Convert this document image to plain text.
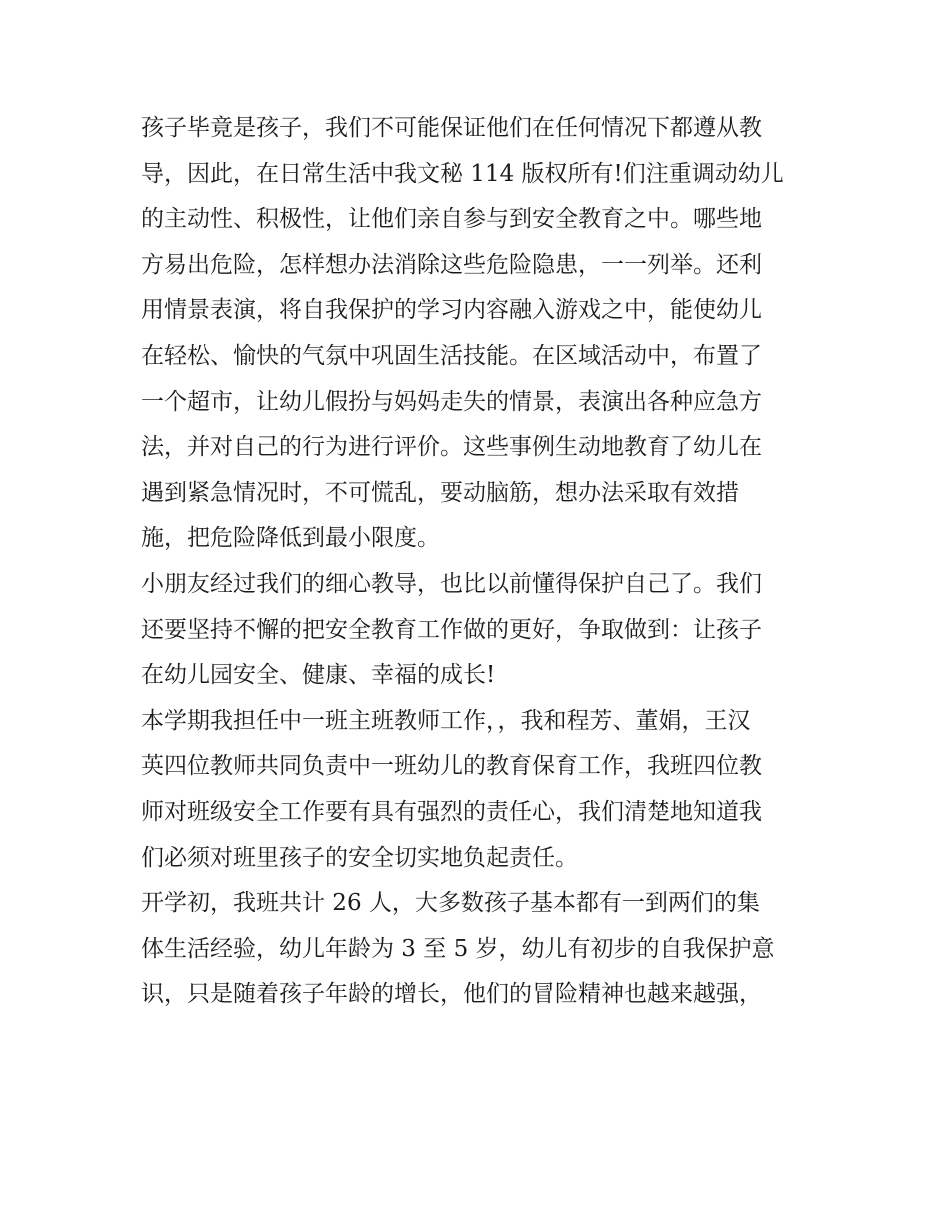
孩子毕竟是孩子，我们不可能保证他们在任何情况下都遵从教
导，因此，在日常生活中我文秘 114 版权所有!们注重调动幼儿
的主动性、积极性，让他们亲自参与到安全教育之中。哪些地
方易出危险，怎样想办法消除这些危险隐患，一一列举。还利
用情景表演，将自我保护的学习内容融入游戏之中，能使幼儿
在轻松、愉快的气氛中巩固生活技能。在区域活动中，布置了
一个超市，让幼儿假扮与妈妈走失的情景，表演出各种应急方
法，并对自己的行为进行评价。这些事例生动地教育了幼儿在
遇到紧急情况时，不可慌乱，要动脑筋，想办法采取有效措
施，把危险降低到最小限度。
小朋友经过我们的细心教导，也比以前懂得保护自己了。我们
还要坚持不懈的把安全教育工作做的更好，争取做到：让孩子
在幼儿园安全、健康、幸福的成长!
本学期我担任中一班主班教师工作，，我和程芳、董娟，王汉
英四位教师共同负责中一班幼儿的教育保育工作，我班四位教
师对班级安全工作要有具有强烈的责任心，我们清楚地知道我
们必须对班里孩子的安全切实地负起责任。
开学初，我班共计 26 人，大多数孩子基本都有一到两们的集
体生活经验，幼儿年龄为 3 至 5 岁，幼儿有初步的自我保护意
识，只是随着孩子年龄的增长，他们的冒险精神也越来越强，
